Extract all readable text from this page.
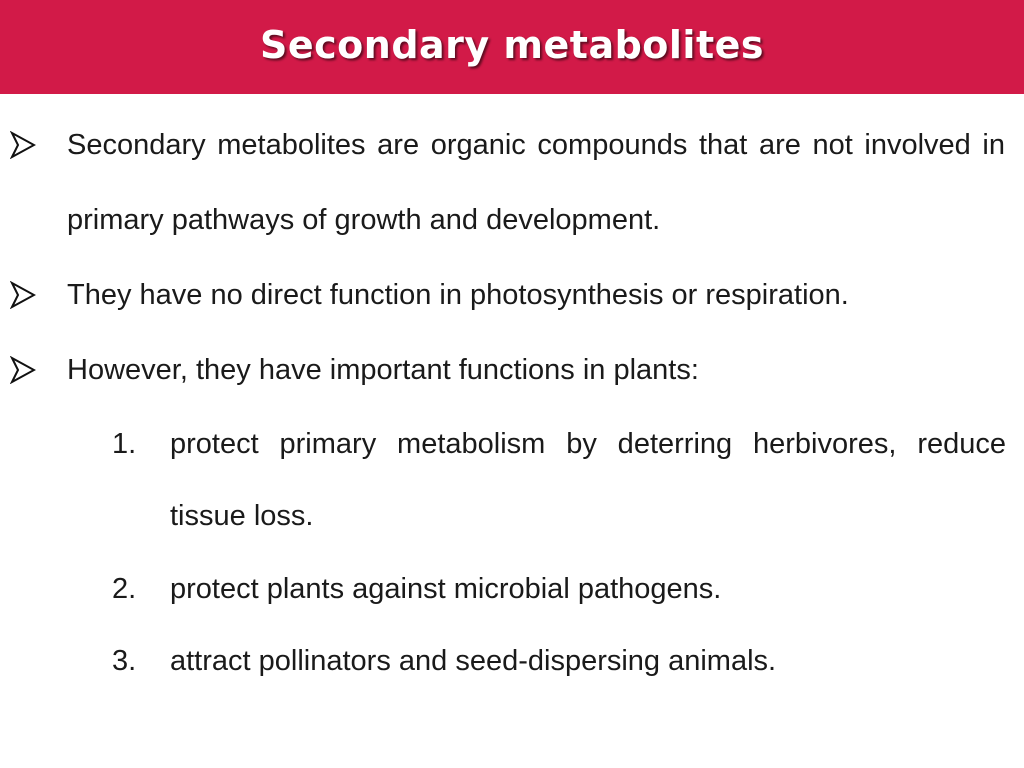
Secondary metabolites
Secondary metabolites are organic compounds that are not involved in primary pathways of growth and development.
They have no direct function in photosynthesis or respiration.
However, they have important functions in plants:
1. protect primary metabolism by deterring herbivores, reduce tissue loss.
2. protect plants against microbial pathogens.
3. attract pollinators and seed-dispersing animals.
